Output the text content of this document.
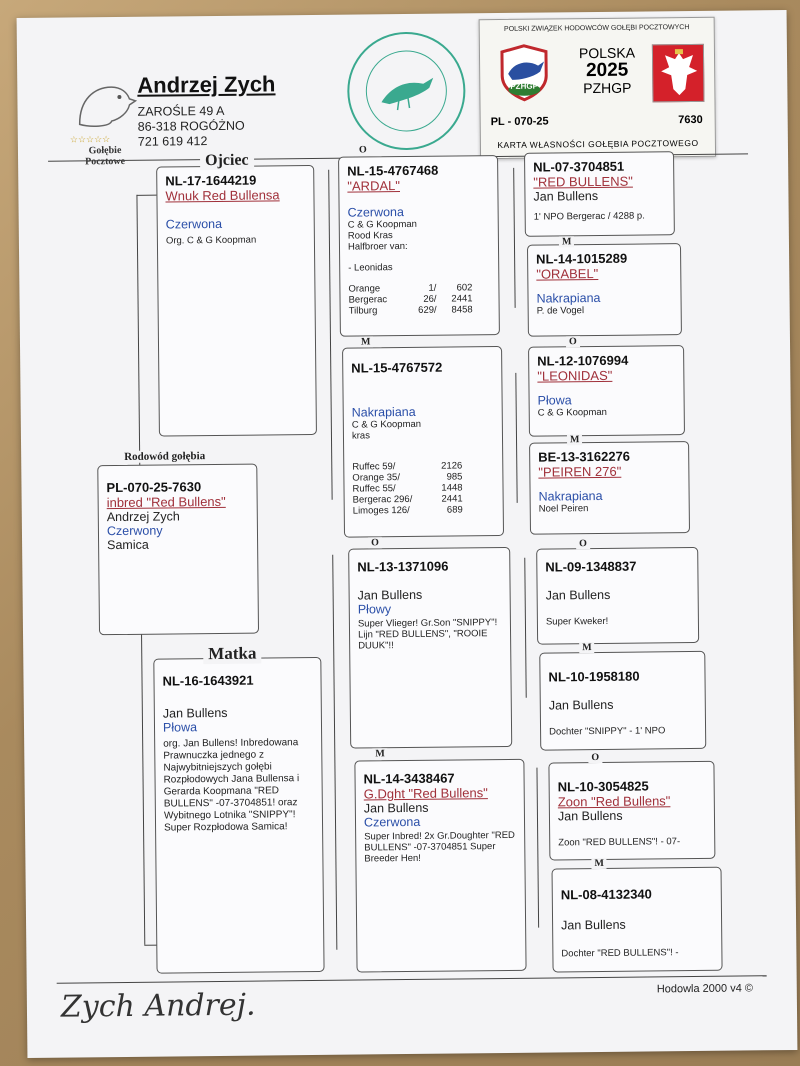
☆☆☆☆☆
Gołębie
Pocztowe
Andrzej Zych
ZAROŚLE 49 A
86-318 ROGÓŻNO
721 619 412
POLSKI ZWIĄZEK HODOWCÓW GOŁĘBI POCZTOWYCH
PZHGP
POLSKA
2025
PZHGP
PL - 070-25	7630
KARTA WŁASNOŚCI GOŁĘBIA POCZTOWEGO
NL-17-1644219
Wnuk Red Bullensa
Czerwona
Org. C & G Koopman
Ojciec
PL-070-25-7630
inbred "Red Bullens"
Andrzej Zych
Czerwony
Samica
Rodowód gołębia
NL-16-1643921
Jan Bullens
Płowa
org. Jan Bullens! Inbredowana Prawnuczka jednego z Najwybitniejszych gołębi Rozpłodowych Jana Bullensa i Gerarda Koopmana "RED BULLENS" -07-3704851! oraz Wybitnego Lotnika "SNIPPY"! Super Rozpłodowa Samica!
Matka
NL-15-4767468
"ARDAL"
Czerwona
C & G Koopman
Rood Kras
Halfbroer van:
- Leonidas
Orange	1/ 602
Bergerac	26/ 2441
Tilburg	629/ 8458
O
NL-15-4767572
Nakrapiana
C & G Koopman
kras
Ruffec 59/	2126
Orange 35/	985
Ruffec 55/	1448
Bergerac 296/	2441
Limoges 126/	689
M
NL-13-1371096
Jan Bullens
Płowy
Super Vlieger! Gr.Son "SNIPPY"! Lijn "RED BULLENS", "ROOIE DUUK"!!
O
NL-14-3438467
G.Dght "Red Bullens"
Jan Bullens
Czerwona
Super Inbred! 2x Gr.Doughter "RED BULLENS" -07-3704851 Super Breeder Hen!
M
NL-07-3704851
"RED BULLENS"
Jan Bullens
1' NPO Bergerac / 4288 p.
NL-14-1015289
"ORABEL"
Nakrapiana
P. de Vogel
M
NL-12-1076994
"LEONIDAS"
Płowa
C & G Koopman
O
BE-13-3162276
"PEIREN 276"
Nakrapiana
Noel Peiren
M
NL-09-1348837
Jan Bullens
Super Kweker!
O
NL-10-1958180
Jan Bullens
Dochter "SNIPPY" - 1' NPO
M
NL-10-3054825
Zoon "Red Bullens"
Jan Bullens
Zoon "RED BULLENS"! - 07-
O
NL-08-4132340
Jan Bullens
Dochter "RED BULLENS"! -
M
Zych Andrej.	Hodowla 2000 v4 ©
